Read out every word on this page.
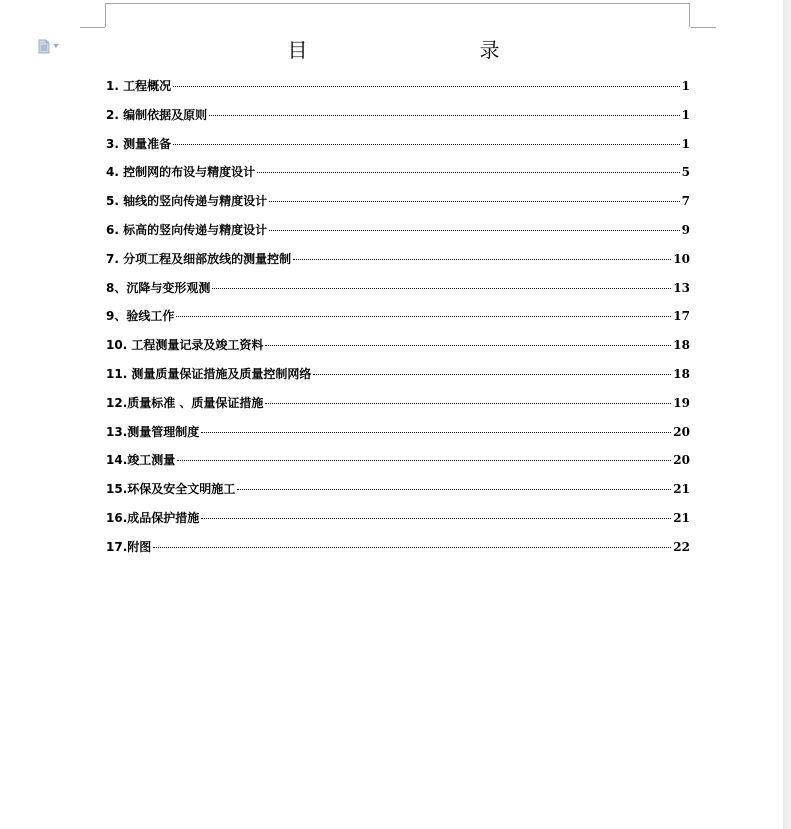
目　　录
1. 工程概况	1
2. 编制依据及原则	1
3. 测量准备	1
4. 控制网的布设与精度设计	5
5. 轴线的竖向传递与精度设计	7
6. 标高的竖向传递与精度设计	9
7. 分项工程及细部放线的测量控制	10
8、沉降与变形观测	13
9、验线工作	17
10. 工程测量记录及竣工资料	18
11. 测量质量保证措施及质量控制网络	18
12.质量标准 、质量保证措施	19
13.测量管理制度	20
14.竣工测量	20
15.环保及安全文明施工	21
16.成品保护措施	21
17.附图	22
